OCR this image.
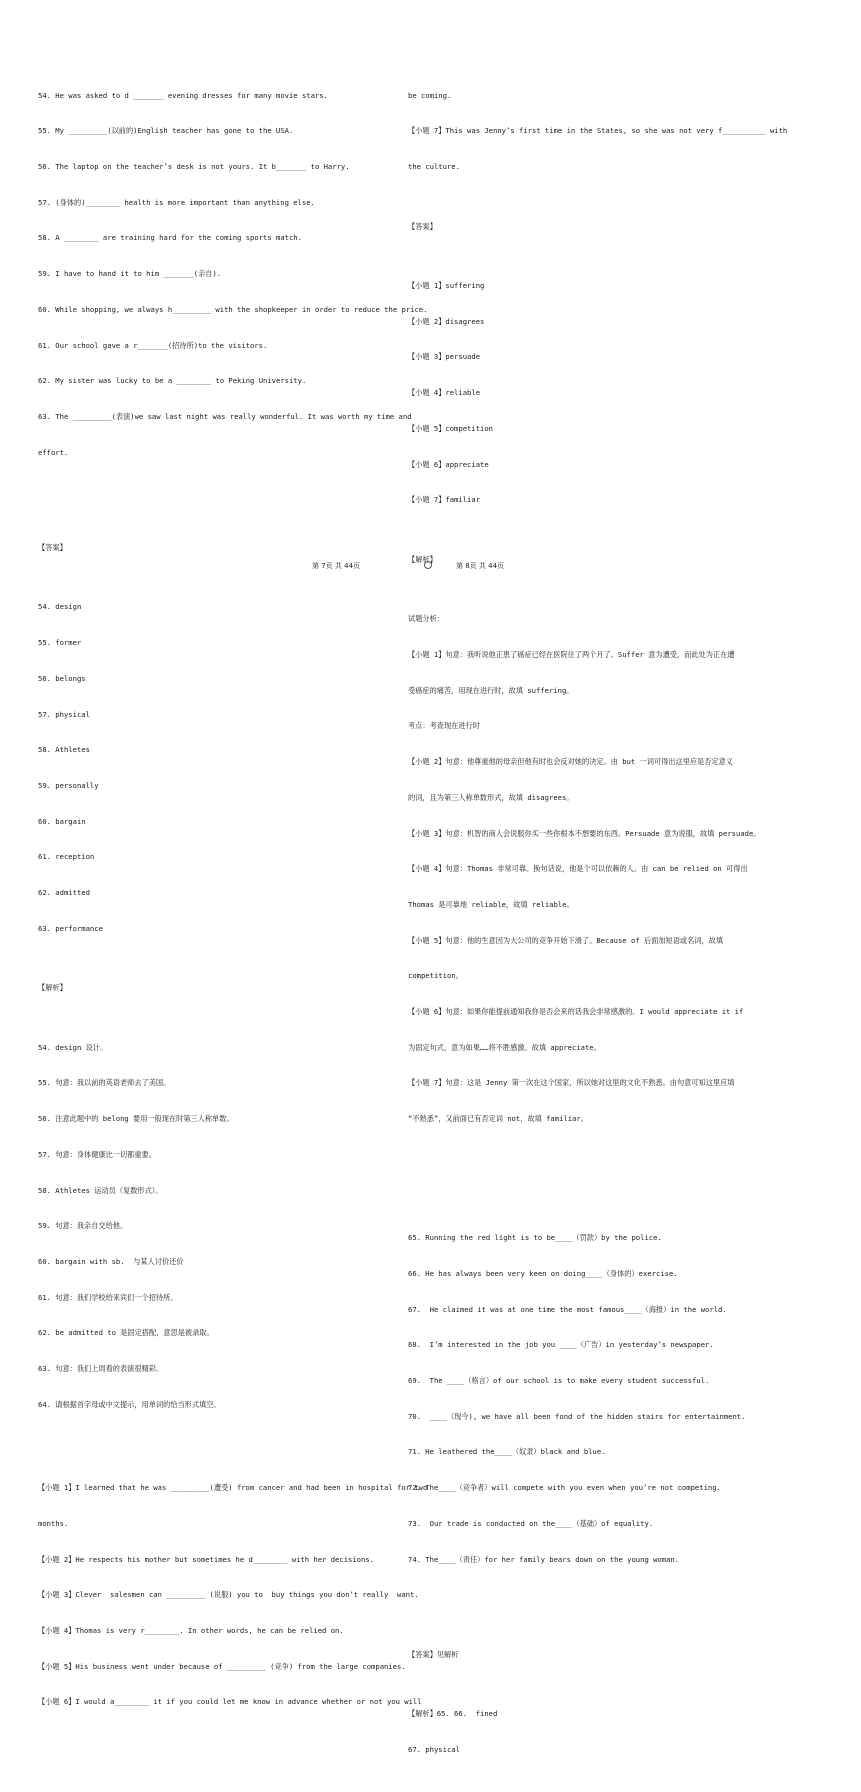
54. He was asked to d _______ evening dresses for many movie stars.

55. My _________(以前的)English teacher has gone to the USA.

56. The laptop on the teacher’s desk is not yours. It b_______ to Harry.

57. (身体的)________ health is more important than anything else.

58. A ________ are training hard for the coming sports match.

59. I have to hand it to him _______(亲自).

60. While shopping, we always h_________ with the shopkeeper in order to reduce the price.

61. Our school gave a r_______(招待所)to the visitors.

62. My sister was lucky to be a ________ to Peking University.

63. The _________(表演)we saw last night was really wonderful. It was worth my time and

effort.

【答案】

54. design

55. former

56. belongs

57. physical

58. Athletes

59. personally

60. bargain

61. reception

62. admitted

63. performance

【解析】

54. design 设计。

55. 句意：我以前的英语老师去了美国。

56. 注意此题中的 belong 要用一般现在时第三人称单数。

57. 句意：身体健康比一切都重要。

58. Athletes 运动员（复数形式）。

59. 句意：我亲自交给他。

60. bargain with sb.  与某人讨价还价

61. 句意：我们学校给来宾们一个招待所。

62. be admitted to 是固定搭配，意思是被录取。

63. 句意：我们上周看的表演很精彩。

64. 请根据首字母或中文提示，用单词的恰当形式填空。

【小题 1】I learned that he was _________(遭受) from cancer and had been in hospital for two

months.

【小题 2】He respects his mother but sometimes he d________ with her decisions.

【小题 3】Clever  salesmen can _________ (说服) you to  buy things you don’t really  want.

【小题 4】Thomas is very r________. In other words, he can be relied on.

【小题 5】His business went under because of _________ (竞争) from the large companies.

【小题 6】I would a________ it if you could let me know in advance whether or not you will

be coming.

【小题 7】This was Jenny’s first time in the States, so she was not very f__________ with

the culture.

【答案】

【小题 1】suffering

【小题 2】disagrees

【小题 3】persuade

【小题 4】reliable

【小题 5】competition

【小题 6】appreciate

【小题 7】familiar

【解析】

试题分析：

【小题 1】句意：我听说他正患了癌症已经在医院住了两个月了。Suffer 意为遭受，而此处为正在遭

受癌症的痛苦，用现在进行时，故填 suffering。

考点：考查现在进行时

【小题 2】句意：他尊重他的母亲但他有时也会反对她的决定。由 but 一词可得出这里应是否定意义

的词，且为第三人称单数形式，故填 disagrees。

【小题 3】句意：机智的商人会说服你买一些你根本不想要的东西。Persuade 意为说服，故填 persuade。

【小题 4】句意：Thomas 非常可靠。换句话说，他是个可以依赖的人。由 can be relied on 可得出

Thomas 是可靠地 reliable，故填 reliable。

【小题 5】句意：他的生意因为大公司的竞争开始下滑了。Because of 后面加短语或名词，故填

competition。

【小题 6】句意：如果你能提前通知我你是否会来的话我会非常感激的。I would appreciate it if

为固定句式，意为如果……将不胜感激。故填 appreciate。

【小题 7】句意：这是 Jenny 第一次在这个国家，所以她对这里的文化不熟悉。由句意可知这里应填

“不熟悉”，又前面已有否定词 not，故填 familiar。

65. Running the red light is to be____（罚款）by the police.

66. He has always been very keen on doing____（身体的）exercise.

67.  He claimed it was at one time the most famous____（海报）in the world.

68.  I’m interested in the job you ____（广告）in yesterday’s newspaper.

69.  The ____（格言）of our school is to make every student successful.

70.  ____（现今), we have all been fond of the hidden stairs for entertainment.

71. He leathered the____（奴隶）black and blue.

72. The____（竞争者）will compete with you even when you’re not competing.

73.  Our trade is conducted on the____（基础）of equality.

74. The____（责任）for her family bears down on the young woman.

【答案】见解析

【解析】65. 66.  fined

67. physical

第 7页 共 44页	第 8页 共 44页
